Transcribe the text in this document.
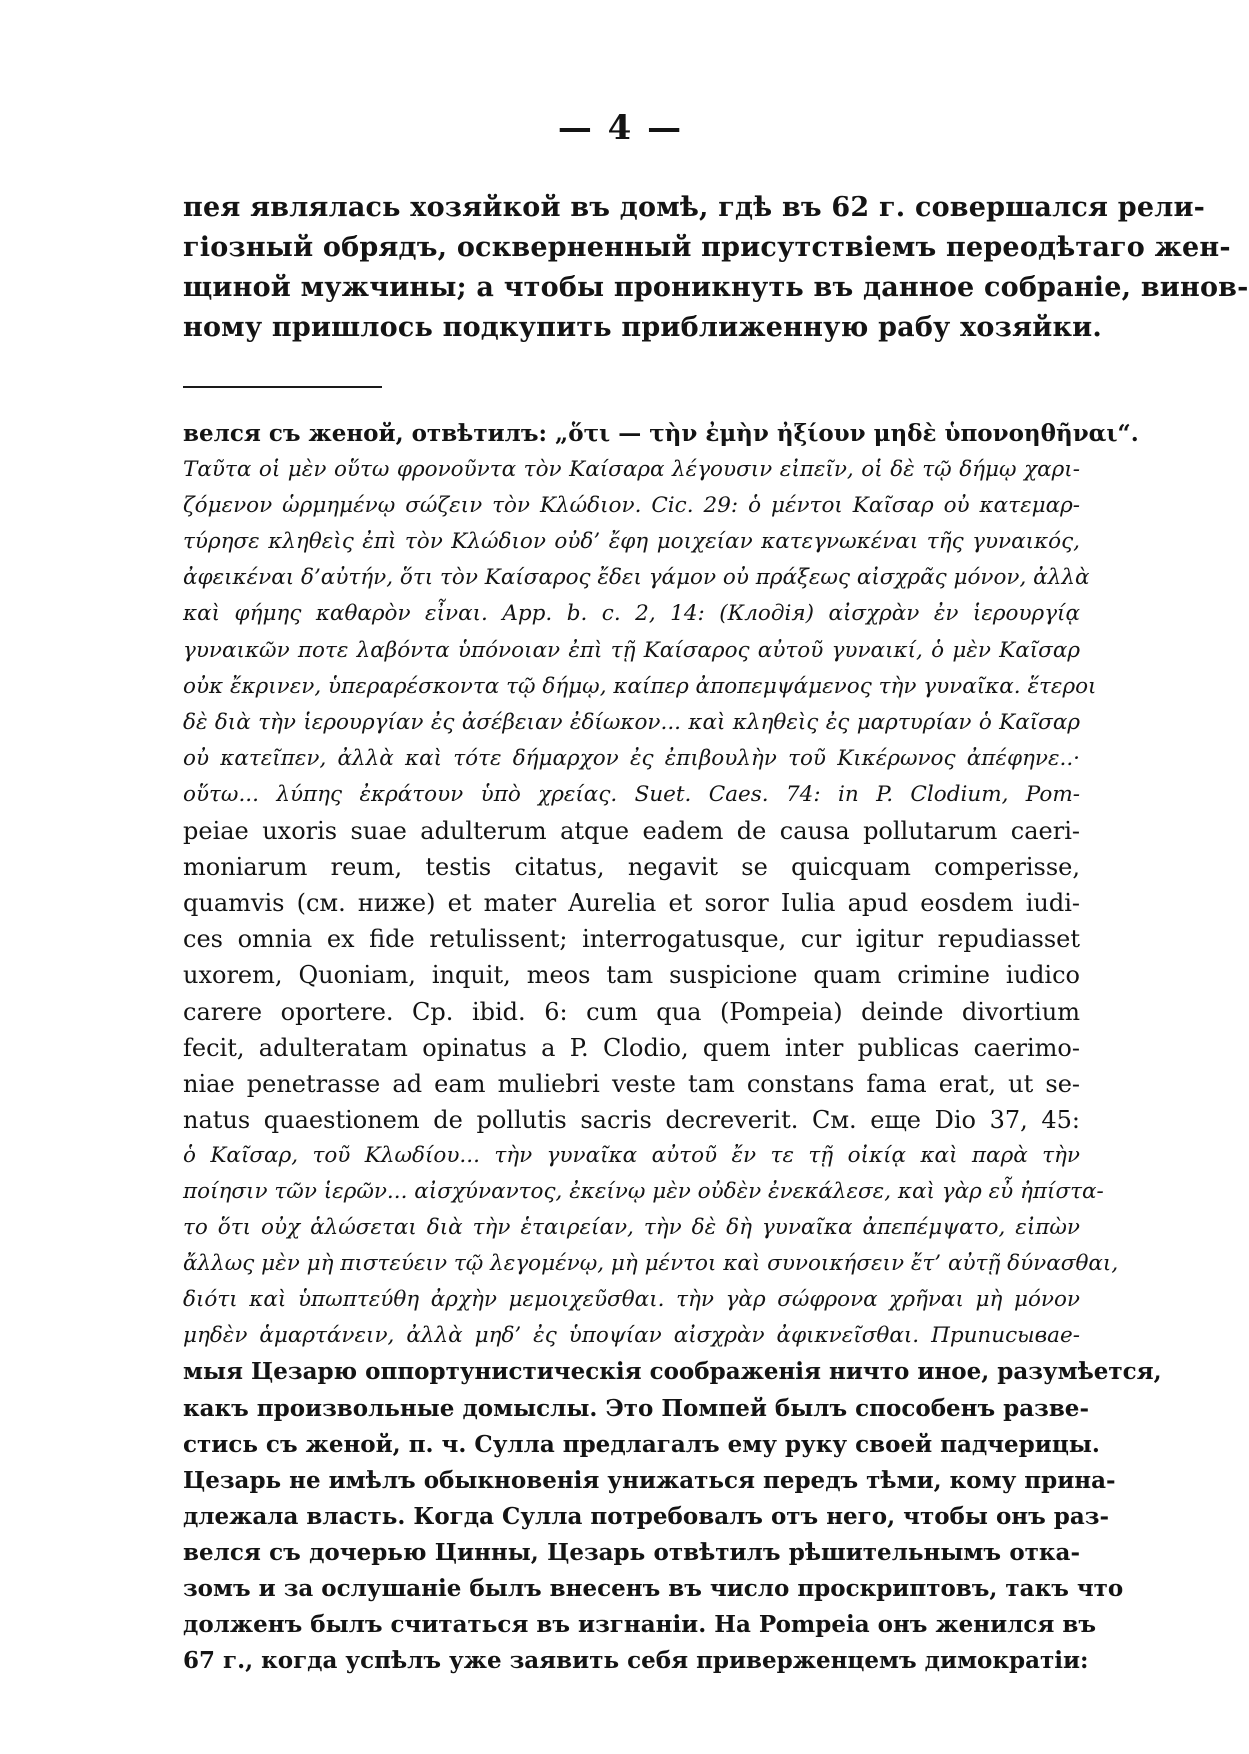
— 4 —
пея являлась хозяйкой въ домѣ, гдѣ въ 62 г. совершался рели-
гіозный обрядъ, оскверненный присутствіемъ переодѣтаго жен-
щиной мужчины; а чтобы проникнуть въ данное собраніе, винов-
ному пришлось подкупить приближенную рабу хозяйки.
велся съ женой, отвѣтилъ: „ὅτι — τὴν ἐμὴν ἠξίουν μηδὲ ὑπονοηθῆναι“.
Ταῦτα οἱ μὲν οὕτω φρονοῦντα τὸν Καίσαρα λέγουσιν εἰπεῖν, οἱ δὲ τῷ δήμῳ χαρι-
ζόμενον ὡρμημένῳ σώζειν τὸν Κλώδιον. Cic. 29: ὁ μέντοι Καῖσαρ οὐ κατεμαρ-
τύρησε κληθεὶς ἐπὶ τὸν Κλώδιον οὐδ’ ἔφη μοιχείαν κατεγνωκέναι τῆς γυναικός,
ἀφεικέναι δ’αὐτήν, ὅτι τὸν Καίσαρος ἔδει γάμον οὐ πράξεως αἰσχρᾶς μόνον, ἀλλὰ
καὶ φήμης καθαρὸν εἶναι. App. b. c. 2, 14: (Клодія) αἰσχρὰν ἐν ἱερουργίᾳ
γυναικῶν ποτε λαβόντα ὑπόνοιαν ἐπὶ τῇ Καίσαρος αὐτοῦ γυναικί, ὁ μὲν Καῖσαρ
οὐκ ἔκρινεν, ὑπεραρέσκοντα τῷ δήμῳ, καίπερ ἀποπεμψάμενος τὴν γυναῖκα. ἕτεροι
δὲ διὰ τὴν ἱερουργίαν ἐς ἀσέβειαν ἐδίωκον... καὶ κληθεὶς ἐς μαρτυρίαν ὁ Καῖσαρ
οὐ κατεῖπεν, ἀλλὰ καὶ τότε δήμαρχον ἐς ἐπιβουλὴν τοῦ Κικέρωνος ἀπέφηνε..·
οὕτω... λύπης ἐκράτουν ὑπὸ χρείας. Suet. Caes. 74: in P. Clodium, Pom-
peiae uxoris suae adulterum atque eadem de causa pollutarum caeri-
moniarum reum, testis citatus, negavit se quicquam comperisse,
quamvis (см. ниже) et mater Aurelia et soror Iulia apud eosdem iudi-
ces omnia ex fide retulissent; interrogatusque, cur igitur repudiasset
uxorem, Quoniam, inquit, meos tam suspicione quam crimine iudico
carere oportere. Cp. ibid. 6: cum qua (Pompeia) deinde divortium
fecit, adulteratam opinatus a P. Clodio, quem inter publicas caerimo-
niae penetrasse ad eam muliebri veste tam constans fama erat, ut se-
natus quaestionem de pollutis sacris decreverit. См. еще Dio 37, 45:
ὁ Καῖσαρ, τοῦ Κλωδίου... τὴν γυναῖκα αὐτοῦ ἔν τε τῇ οἰκίᾳ καὶ παρὰ τὴν
ποίησιν τῶν ἱερῶν... αἰσχύναντος, ἐκείνῳ μὲν οὐδὲν ἐνεκάλεσε, καὶ γὰρ εὖ ἠπίστα-
το ὅτι οὐχ ἁλώσεται διὰ τὴν ἑταιρείαν, τὴν δὲ δὴ γυναῖκα ἀπεπέμψατο, εἰπὼν
ἄλλως μὲν μὴ πιστεύειν τῷ λεγομένῳ, μὴ μέντοι καὶ συνοικήσειν ἔτ’ αὐτῇ δύνασθαι,
διότι καὶ ὑπωπτεύθη ἀρχὴν μεμοιχεῦσθαι. τὴν γὰρ σώφρονα χρῆναι μὴ μόνον
μηδὲν ἁμαρτάνειν, ἀλλὰ μηδ’ ἐς ὑποψίαν αἰσχρὰν ἀφικνεῖσθαι. Приписывае-
мыя Цезарю оппортунистическія соображенія ничто иное, разумѣется,
какъ произвольные домыслы. Это Помпей былъ способенъ разве-
стись съ женой, п. ч. Сулла предлагалъ ему руку своей падчерицы.
Цезарь не имѣлъ обыкновенія унижаться передъ тѣми, кому прина-
длежала власть. Когда Сулла потребовалъ отъ него, чтобы онъ раз-
велся съ дочерью Цинны, Цезарь отвѣтилъ рѣшительнымъ отка-
зомъ и за ослушаніе былъ внесенъ въ число проскриптовъ, такъ что
долженъ былъ считаться въ изгнаніи. На Pompeia онъ женился въ
67 г., когда успѣлъ уже заявить себя приверженцемъ димократіи:
